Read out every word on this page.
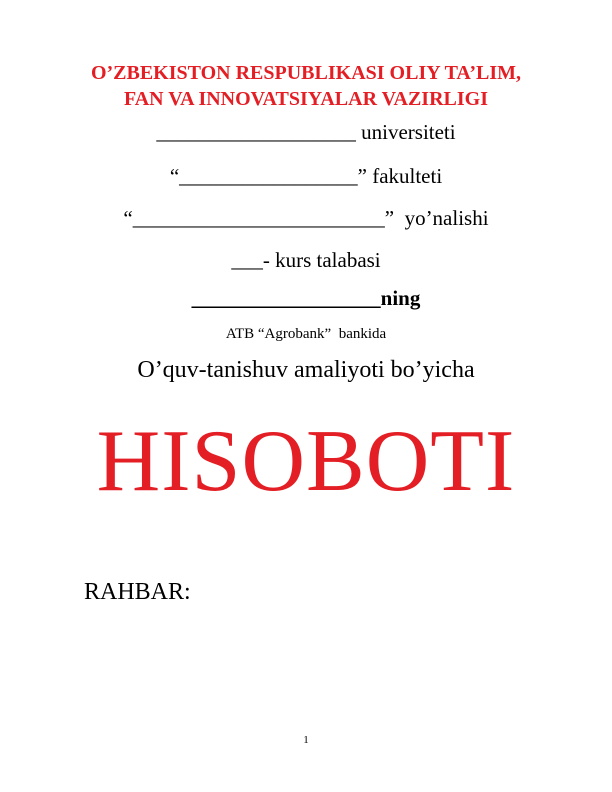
O’ZBEKISTON RESPUBLIKASI OLIY TA’LIM,
FAN VA INNOVATSIYALAR VAZIRLIGI
___________________ universiteti
“_________________” fakulteti
“________________________”  yo’nalishi
___- kurs talabasi
__________________ning
ATB “Agrobank”  bankida
O’quv-tanishuv amaliyoti bo’yicha
HISOBOTI
RAHBAR:
1
